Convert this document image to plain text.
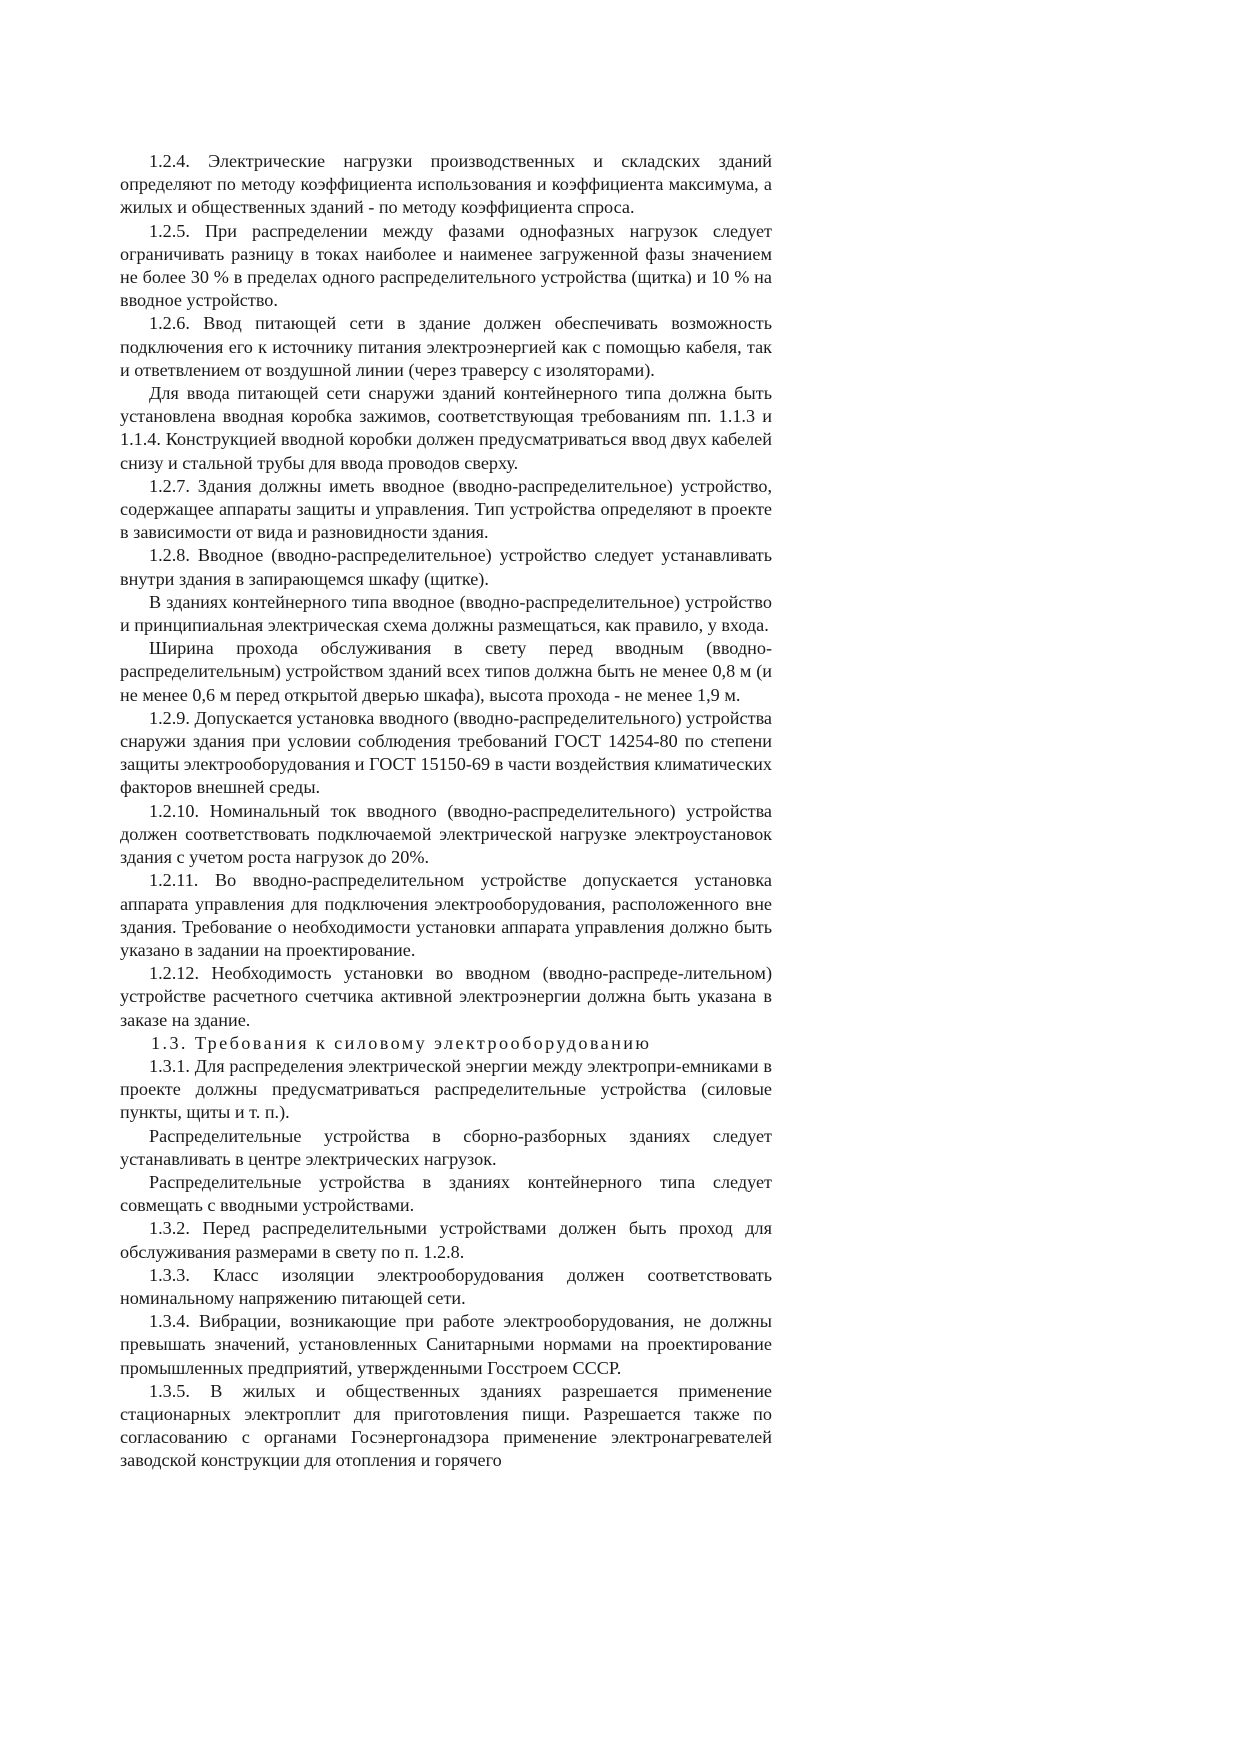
1.2.4. Электрические нагрузки производственных и складских зданий определяют по методу коэффициента использования и коэффициента максимума, а жилых и общественных зданий - по методу коэффициента спроса.

1.2.5. При распределении между фазами однофазных нагрузок следует ограничивать разницу в токах наиболее и наименее загруженной фазы значением не более 30 % в пределах одного распределительного устройства (щитка) и 10 % на вводное устройство.

1.2.6. Ввод питающей сети в здание должен обеспечивать возможность подключения его к источнику питания электроэнергией как с помощью кабеля, так и ответвлением от воздушной линии (через траверсу с изоляторами).

Для ввода питающей сети снаружи зданий контейнерного типа должна быть установлена вводная коробка зажимов, соответствующая требованиям пп. 1.1.3 и 1.1.4. Конструкцией вводной коробки должен предусматриваться ввод двух кабелей снизу и стальной трубы для ввода проводов сверху.

1.2.7. Здания должны иметь вводное (вводно-распределительное) устройство, содержащее аппараты защиты и управления. Тип устройства определяют в проекте в зависимости от вида и разновидности здания.

1.2.8. Вводное (вводно-распределительное) устройство следует устанавливать внутри здания в запирающемся шкафу (щитке).

В зданиях контейнерного типа вводное (вводно-распределительное) устройство и принципиальная электрическая схема должны размещаться, как правило, у входа.

Ширина прохода обслуживания в свету перед вводным (вводно-распределительным) устройством зданий всех типов должна быть не менее 0,8 м (и не менее 0,6 м перед открытой дверью шкафа), высота прохода - не менее 1,9 м.

1.2.9. Допускается установка вводного (вводно-распределительного) устройства снаружи здания при условии соблюдения требований ГОСТ 14254-80 по степени защиты электрооборудования и ГОСТ 15150-69 в части воздействия климатических факторов внешней среды.

1.2.10. Номинальный ток вводного (вводно-распределительного) устройства должен соответствовать подключаемой электрической нагрузке электроустановок здания с учетом роста нагрузок до 20%.

1.2.11. Во вводно-распределительном устройстве допускается установка аппарата управления для подключения электрооборудования, расположенного вне здания. Требование о необходимости установки аппарата управления должно быть указано в задании на проектирование.

1.2.12. Необходимость установки во вводном (вводно-распреде-лительном) устройстве расчетного счетчика активной электроэнергии должна быть указана в заказе на здание.

1.3. Требования к силовому электрооборудованию

1.3.1. Для распределения электрической энергии между электропри-емниками в проекте должны предусматриваться распределительные устройства (силовые пункты, щиты и т. п.).

Распределительные устройства в сборно-разборных зданиях следует устанавливать в центре электрических нагрузок.

Распределительные устройства в зданиях контейнерного типа следует совмещать с вводными устройствами.

1.3.2. Перед распределительными устройствами должен быть проход для обслуживания размерами в свету по п. 1.2.8.

1.3.3. Класс изоляции электрооборудования должен соответствовать номинальному напряжению питающей сети.

1.3.4. Вибрации, возникающие при работе электрооборудования, не должны превышать значений, установленных Санитарными нормами на проектирование промышленных предприятий, утвержденными Госстроем СССР.

1.3.5. В жилых и общественных зданиях разрешается применение стационарных электроплит для приготовления пищи. Разрешается также по согласованию с органами Госэнергонадзора применение электронагревателей заводской конструкции для отопления и горячего
